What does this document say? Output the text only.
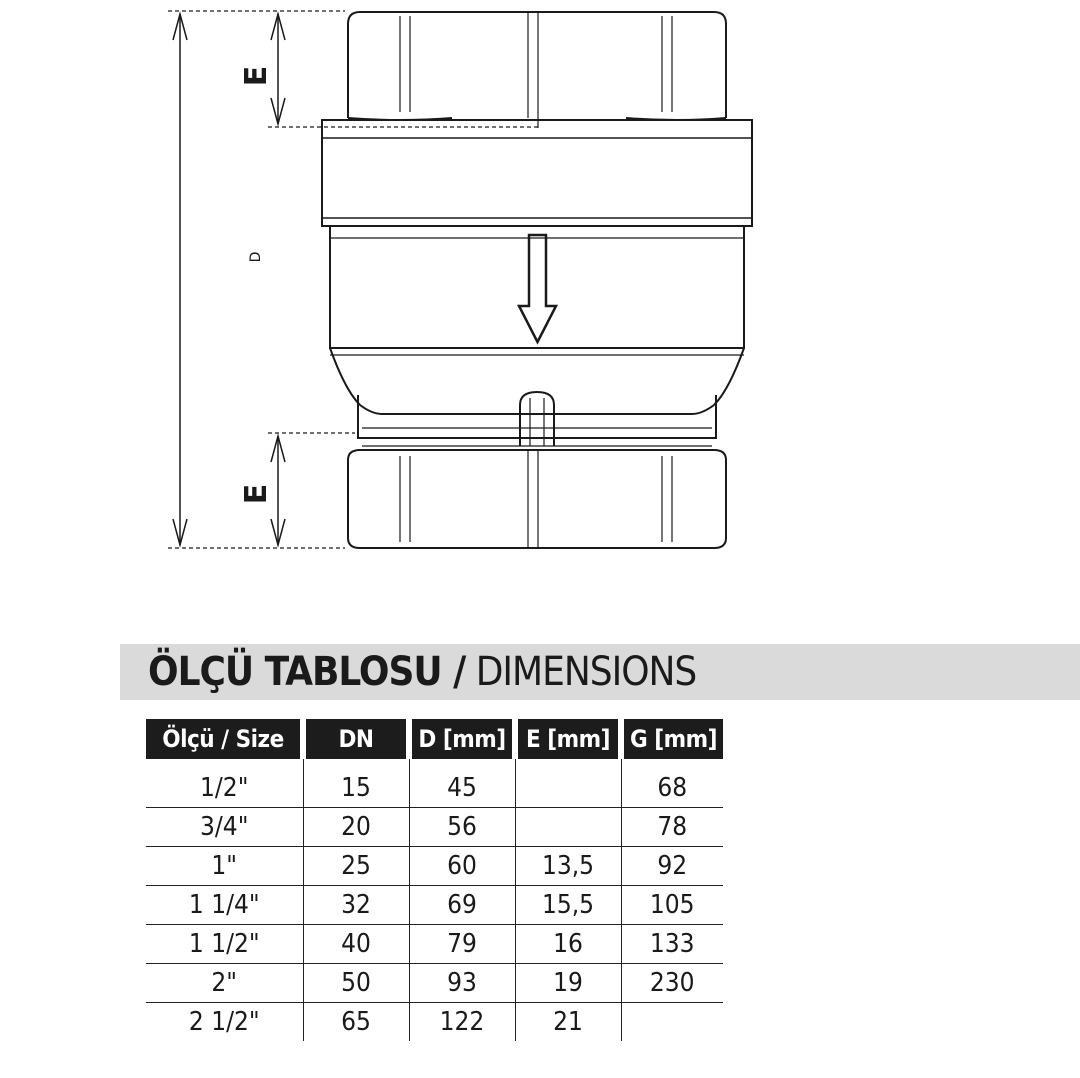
D
E
E
ÖLÇÜ TABLOSU / DIMENSIONS
Ölçü / Size	DN	D [mm]	E [mm]	G [mm]

1/2"	15	45		68
3/4"	20	56		78
1"	25	60	13,5	92
1 1/4"	32	69	15,5	105
1 1/2"	40	79	16	133
2"	50	93	19	230
2 1/2"	65	122	21	
